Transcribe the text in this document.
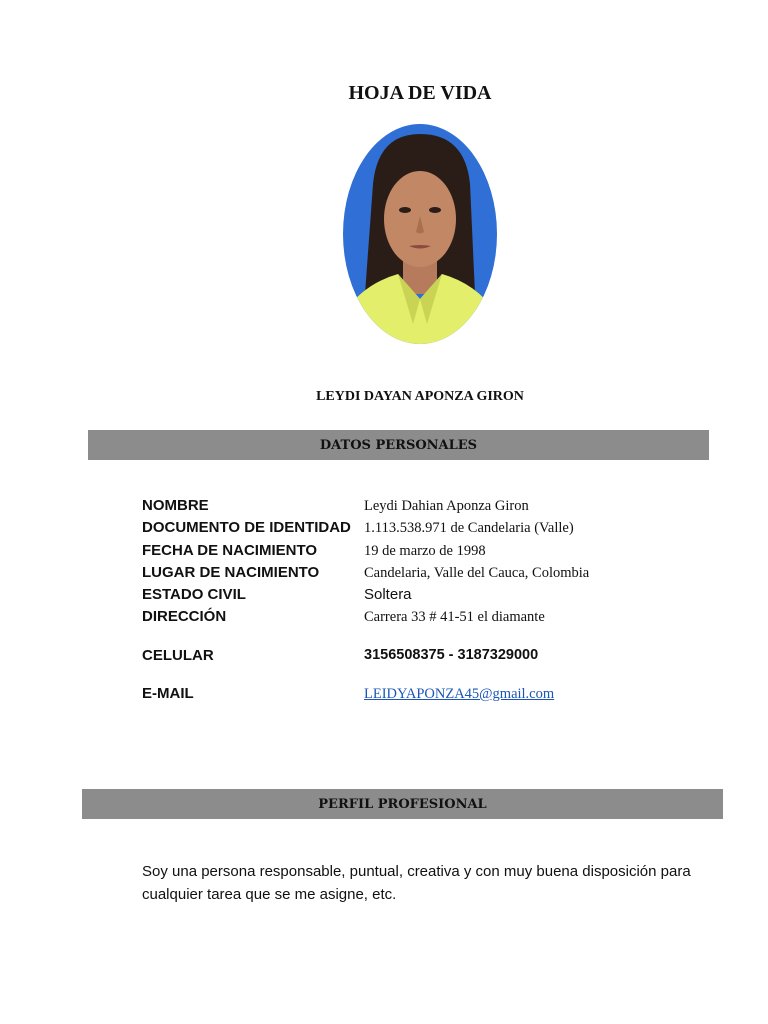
HOJA DE VIDA
LEYDI DAYAN APONZA GIRON
DATOS PERSONALES
NOMBRE	Leydi Dahian Aponza Giron
DOCUMENTO DE IDENTIDAD 1.113.538.971 de Candelaria (Valle)
FECHA DE NACIMIENTO	19 de marzo de 1998
LUGAR DE NACIMIENTO	Candelaria, Valle del Cauca, Colombia
ESTADO CIVIL	Soltera
DIRECCIÓN	Carrera 33 # 41-51 el diamante
CELULAR	3156508375 - 3187329000
E-MAIL	LEIDYAPONZA45@gmail.com
PERFIL PROFESIONAL
Soy una persona responsable, puntual, creativa y con muy buena disposición para cualquier tarea que se me asigne, etc.
